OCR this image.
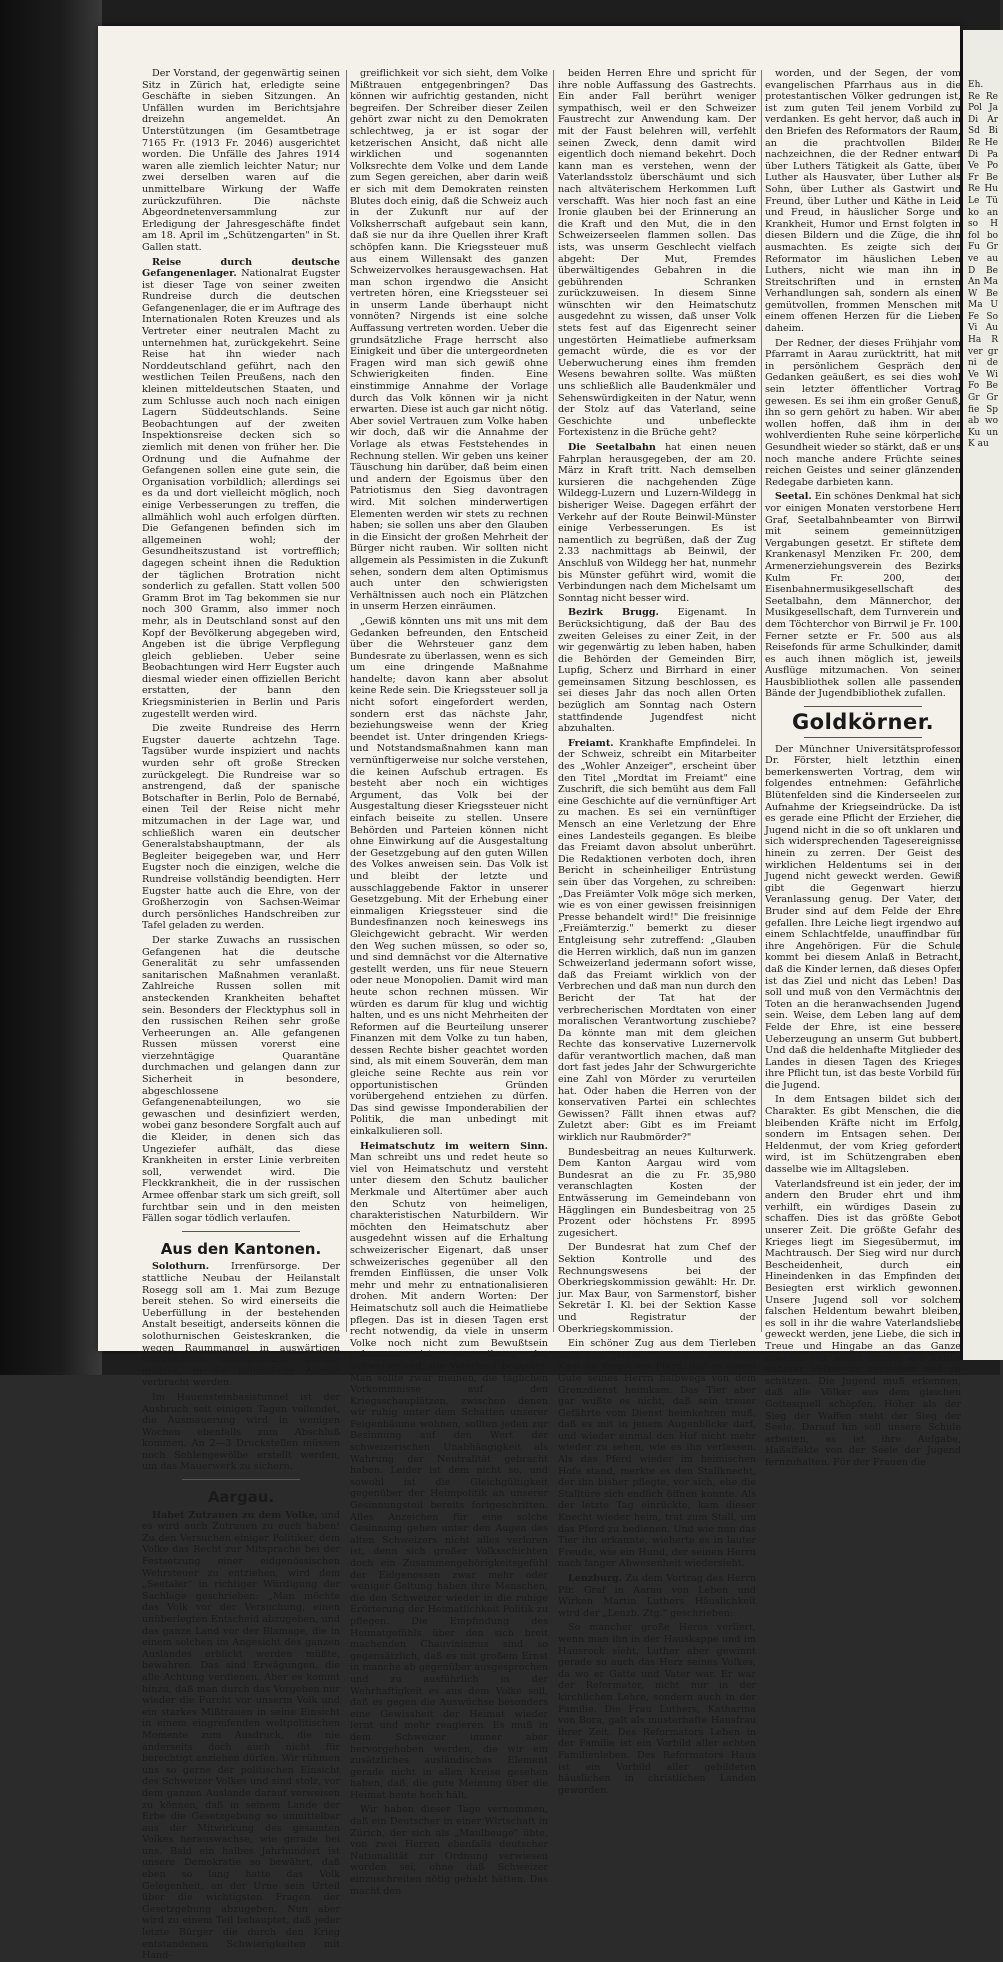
Der Vorstand, der gegenwärtig seinen Sitz in Zürich hat, erledigte seine Geschäfte in sieben Sitzungen. An Unfällen wurden im Berichtsjahre dreizehn angemeldet. An Unterstützungen (im Gesamtbetrage 7165 Fr. (1913 Fr. 2046) ausgerichtet worden. Die Unfälle des Jahres 1914 waren alle ziemlich leichter Natur; nur zwei derselben waren auf die unmittelbare Wirkung der Waffe zurückzuführen. Die nächste Abgeordnetenversammlung zur Erledigung der Jahresgeschäfte findet am 18. April im „Schützengarten" in St. Gallen statt.

Reise durch deutsche Gefangenenlager. Nationalrat Eugster ist dieser Tage von seiner zweiten Rundreise durch die deutschen Gefangenenlager, die er im Auftrage des Internationalen Roten Kreuzes und als Vertreter einer neutralen Macht zu unternehmen hat, zurückgekehrt. Seine Reise hat ihn wieder nach Norddeutschland geführt, nach den westlichen Teilen Preußens, nach den kleinen mitteldeutschen Staaten, und zum Schlusse auch noch nach einigen Lagern Süddeutschlands. Seine Beobachtungen auf der zweiten Inspektionsreise decken sich so ziemlich mit denen von früher her. Die Ordnung und die Aufnahme der Gefangenen sollen eine gute sein, die Organisation vorbildlich; allerdings sei es da und dort vielleicht möglich, noch einige Verbesserungen zu treffen, die allmählich wohl auch erfolgen dürften. Die Gefangenen befinden sich im allgemeinen wohl; der Gesundheitszustand ist vortrefflich; dagegen scheint ihnen die Reduktion der täglichen Brotration nicht sonderlich zu gefallen. Statt vollen 500 Gramm Brot im Tag bekommen sie nur noch 300 Gramm, also immer noch mehr, als in Deutschland sonst auf den Kopf der Bevölkerung abgegeben wird, Angeben ist die übrige Verpflegung gleich geblieben. Ueber seine Beobachtungen wird Herr Eugster auch diesmal wieder einen offiziellen Bericht erstatten, der bann den Kriegsministerien in Berlin und Paris zugestellt werden wird.

Die zweite Rundreise des Herrn Eugster dauerte achtzehn Tage. Tagsüber wurde inspiziert und nachts wurden sehr oft große Strecken zurückgelegt. Die Rundreise war so anstrengend, daß der spanische Botschafter in Berlin, Polo de Bernabé, einen Teil der Reise nicht mehr mitzumachen in der Lage war, und schließlich waren ein deutscher Generalstabshauptmann, der als Begleiter beigegeben war, und Herr Eugster noch die einzigen, welche die Rundreise vollständig beendigten. Herr Eugster hatte auch die Ehre, von der Großherzogin von Sachsen-Weimar durch persönliches Handschreiben zur Tafel geladen zu werden.

Der starke Zuwachs an russischen Gefangenen hat die deutsche Generalität zu sehr umfassenden sanitarischen Maßnahmen veranlaßt. Zahlreiche Russen sollen mit ansteckenden Krankheiten behaftet sein. Besonders der Flecktyphus soll in den russischen Reihen sehr große Verheerungen an. Alle gefangenen Russen müssen vorerst eine vierzehntägige Quarantäne durchmachen und gelangen dann zur Sicherheit in besondere, abgeschlossene Gefangenenabteilungen, wo sie gewaschen und desinfiziert werden, wobei ganz besondere Sorgfalt auch auf die Kleider, in denen sich das Ungeziefer aufhält, das diese Krankheiten in erster Linie verbreiten soll, verwendet wird. Die Fleckkrankheit, die in der russischen Armee offenbar stark um sich greift, soll furchtbar sein und in den meisten Fällen sogar tödlich verlaufen.

Aus den Kantonen.

Solothurn. Irrenfürsorge. Der stattliche Neubau der Heilanstalt Rosegg soll am 1. Mai zum Bezuge bereit stehen. So wird einerseits die Ueberfüllung in der bestehenden Anstalt beseitigt, anderseits können die solothurnischen Geisteskranken, die wegen Raummangel in auswärtigen Irrenhäusern untergebracht werden mußten, in die heimatliche Anstalt verbracht werden.

Im Hauensteinbasistunnel ist der Ausbruch seit einigen Tagen vollendet, die Ausmauerung wird in wenigen Wochen ebenfalls zum Abschluß kommen. An 2—3 Druckstellen müssen noch Sohlengewölbe erstellt werden, um das Mauerwerk zu sichern.

Aargau.

Habet Zutrauen zu dem Volke, und es wird auch Zutrauen zu euch haben! Zu den Versuchen einiger Politiker, dem Volke das Recht zur Mitsprache bei der Festsetzung einer eidgenössischen Wehrsteuer zu entziehen, wird dem „Seetaler" in richtiger Würdigung der Sachlage geschrieben: „Man möchte das Volk vor der Versuchung, einen unüberlegten Entscheid abzugeben, und das ganze Land vor der Blamage, die in einem solchen im Angesicht des ganzen Auslandes erblickt werden müßte, bewahren. Das sind Erwägungen, die alle Achtung verdienen. Aber es kommt hinzu, daß man durch das Vorgehen nur wieder die Furcht vor unserm Volk und ein starkes Mißtrauen in seine Einsicht in einem eingreifenden weltpolitischen Momente zum Ausdruck, die nie anderseits doch auch nicht für berechtigt anziehen dürfen. Wir rühmen uns so gerne der politischen Einsicht des Schweizer Volkes und sind stolz, vor dem ganzen Auslande darauf verweisen zu können, daß in seinem Lande der Erbe die Gesetzgebung so unmittelbar aus der Mitwirkung des gesamten Volkes herauswachse, wie gerade bei uns. Bald ein halbes Jahrhundert ist unsere Demokratie so bewährt, daß eben so lang hatte das Volk Gelegenheit, an der Urne sein Urteil über die wichtigsten Fragen der Gesetzgebung abzugeben. Nun aber wird zu einem Teil behauptet, daß jeder letzte Bürger die durch den Krieg entstandenen Schwierigkeiten mit Hand-

greiflichkeit vor sich sieht, dem Volke Mißtrauen entgegenbringen? Das können wir aufrichtig gestanden, nicht begreifen. Der Schreiber dieser Zeilen gehört zwar nicht zu den Demokraten schlechtweg, ja er ist sogar der ketzerischen Ansicht, daß nicht alle wirklichen und sogenannten Volksrechte dem Volke und dem Lande zum Segen gereichen, aber darin weiß er sich mit dem Demokraten reinsten Blutes doch einig, daß die Schweiz auch in der Zukunft nur auf der Volksherrschaft aufgebaut sein kann, daß sie nur da ihre Quellen ihrer Kraft schöpfen kann. Die Kriegssteuer muß aus einem Willensakt des ganzen Schweizervolkes herausgewachsen. Hat man schon irgendwo die Ansicht vertreten hören, eine Kriegssteuer sei in unserm Lande überhaupt nicht vonnöten? Nirgends ist eine solche Auffassung vertreten worden. Ueber die grundsätzliche Frage herrscht also Einigkeit und über die untergeordneten Fragen wird man sich gewiß ohne Schwierigkeiten finden. Eine einstimmige Annahme der Vorlage durch das Volk können wir ja nicht erwarten. Diese ist auch gar nicht nötig. Aber soviel Vertrauen zum Volke haben wir doch, daß wir die Annahme der Vorlage als etwas Feststehendes in Rechnung stellen. Wir geben uns keiner Täuschung hin darüber, daß beim einen und andern der Egoismus über den Patriotismus den Sieg davontragen wird. Mit solchen minderwertigen Elementen werden wir stets zu rechnen haben; sie sollen uns aber den Glauben in die Einsicht der großen Mehrheit der Bürger nicht rauben. Wir sollten nicht allgemein als Pessimisten in die Zukunft sehen, sondern dem alten Optimismus auch unter den schwierigsten Verhältnissen auch noch ein Plätzchen in unserm Herzen einräumen.

„Gewiß könnten uns mit uns mit dem Gedanken befreunden, den Entscheid über die Wehrsteuer ganz dem Bundesrate zu überlassen, wenn es sich um eine dringende Maßnahme handelte; davon kann aber absolut keine Rede sein. Die Kriegssteuer soll ja nicht sofort eingefordert werden, sondern erst das nächste Jahr, beziehungsweise wenn der Krieg beendet ist. Unter dringenden Kriegs- und Notstandsmaßnahmen kann man vernünftigerweise nur solche verstehen, die keinen Aufschub ertragen. Es besteht aber noch ein wichtiges Argument, das Volk bei der Ausgestaltung dieser Kriegssteuer nicht einfach beiseite zu stellen. Unsere Behörden und Parteien können nicht ohne Einwirkung auf die Ausgestaltung der Gesetzgebung auf den guten Willen des Volkes anweisen sein. Das Volk ist und bleibt der letzte und ausschlaggebende Faktor in unserer Gesetzgebung. Mit der Erhebung einer einmaligen Kriegssteuer sind die Bundesfinanzen noch keineswegs ins Gleichgewicht gebracht. Wir werden den Weg suchen müssen, so oder so, und sind demnächst vor die Alternative gestellt werden, uns für neue Steuern oder neue Monopolien. Damit wird man heute schon rechnen müssen. Wir würden es darum für klug und wichtig halten, und es uns nicht Mehrheiten der Reformen auf die Beurteilung unserer Finanzen mit dem Volke zu tun haben, dessen Rechte bisher geachtet worden sind, als mit einem Souverän, dem man gleiche seine Rechte aus rein vor opportunistischen Gründen vorübergehend entziehen zu dürfen. Das sind gewisse Imponderabilien der Politik, die man unbedingt mit einkalkulieren soll.

Heimatschutz im weitern Sinn. Man schreibt uns und redet heute so viel von Heimatschutz und versteht unter diesem den Schutz baulicher Merkmale und Altertümer aber auch den Schutz von heimeligen, charakteristischen Naturbildern. Wir möchten den Heimatschutz aber ausgedehnt wissen auf die Erhaltung schweizerischer Eigenart, daß unser schweizerisches gegenüber all den fremden Einflüssen, die unser Volk mehr und mehr zu entnationalisieren drohen. Mit andern Worten: Der Heimatschutz soll auch die Heimatliebe pflegen. Das ist in diesen Tagen erst recht notwendig, da viele in unserm Volke noch nicht zum Bewußtsein gekommen ist, was ihnen das Schweizerland, die Vaterland bedeutet. Man sollte zwar meinen, die täglichen Vorkommnisse auf den Kriegsschauplätzen, zwischen denen wir ruhig unter dem Schatten unserer Feigenbäume wohnen, sollten jeden zur Besinnung auf den Wert der schweizerischen Unabhängigkeit als Wahrung der Neutralität gebracht haben. Leider ist dem nicht so, und sowohl ist die Gleichgültigkeit gegenüber der Heimpolitik an unserer Gesinnungsteil bereits fortgeschritten. Alles Anzeichen für eine solche Gesinnung gehen unter den Augen des alten Schweizers nicht alles verloren ist, denn sich großer Volksschichten doch ein Zusammengehörigkeitsgefühl der Eidgenossen zwar mehr oder weniger Geltung haben ihre Menschen, die den Schweizer wieder in die ruhige Erörterung der Heimatlichkeit Politik zu pflegen. Die Empfindung des Heimatgefühls über den sich breit machenden Chauvinismus sind so gegensätzlich, daß es mit großem Ernst in manche ab gegenüber ausgesprochen und zu ausführlich in der Wehrhaftigkeit es aus dem Volke soll, daß es gegen die Auswüchse besonders eine Gewissheit der Heimat wieder lernt und mehr reagieren. Es muß in dem Schweizer immer aber hervorgehoben werden, die wir ein zusätzliches ausländisches Element gerade nicht in allen Kreise gesehen haben, daß, die gute Meinung über die Heimat heute hoch hält.

Wir haben dieser Tage vernommen, daß ein Deutscher in einer Wirtschaft in Zürich, der sich als „Maulbeuge" übte, von zwei Herren ebenfalls deutscher Nationalität zur Ordnung verwiesen worden sei, ohne daß Schweizer einzuschreiten nötig gehabt hätten. Das macht den

beiden Herren Ehre und spricht für ihre noble Auffassung des Gastrechts. Ein ander Fall berührt weniger sympathisch, weil er den Schweizer Faustrecht zur Anwendung kam. Der mit der Faust belehren will, verfehlt seinen Zweck, denn damit wird eigentlich doch niemand bekehrt. Doch kann man es verstehen, wenn der Vaterlandsstolz überschäumt und sich nach altväterischem Herkommen Luft verschafft. Was hier noch fast an eine Ironie glauben bei der Erinnerung an die Kraft und den Mut, die in den Schweizerseelen flammen sollen. Das ists, was unserm Geschlecht vielfach abgeht: Der Mut, Fremdes überwältigendes Gebahren in die gebührenden Schranken zurückzuweisen. In diesem Sinne wünschten wir den Heimatschutz ausgedehnt zu wissen, daß unser Volk stets fest auf das Eigenrecht seiner ungestörten Heimatliebe aufmerksam gemacht würde, die es vor der Ueberwucherung eines ihm fremden Wesens bewahren sollte. Was müßten uns schließlich alle Baudenkmäler und Sehenswürdigkeiten in der Natur, wenn der Stolz auf das Vaterland, seine Geschichte und unbefleckte Fortexistenz in die Brüche geht?

Die Seetalbahn hat einen neuen Fahrplan herausgegeben, der am 20. März in Kraft tritt. Nach demselben kursieren die nachgehenden Züge Wildegg-Luzern und Luzern-Wildegg in bisheriger Weise. Dagegen erfährt der Verkehr auf der Route Beinwil-Münster einige Verbesserungen. Es ist namentlich zu begrüßen, daß der Zug 2.33 nachmittags ab Beinwil, der Anschluß von Wildegg her hat, nunmehr bis Münster geführt wird, womit die Verbindungen nach dem Michelsamt um Sonntag nicht besser wird.

Bezirk Brugg. Eigenamt. In Berücksichtigung, daß der Bau des zweiten Geleises zu einer Zeit, in der wir gegenwärtig zu leben haben, haben die Behörden der Gemeinden Birr, Lupfig, Scherz und Birrhard in einer gemeinsamen Sitzung beschlossen, es sei dieses Jahr das noch allen Orten bezüglich am Sonntag nach Ostern stattfindende Jugendfest nicht abzuhalten.

Freiamt. Krankhafte Empfindelei. In der Schweiz, schreibt ein Mitarbeiter des „Wohler Anzeiger", erscheint über den Titel „Mordtat im Freiamt" eine Zuschrift, die sich bemüht aus dem Fall eine Geschichte auf die vernünftiger Art zu machen. Es sei ein vernünftiger Mensch an eine Verletzung der Ehre eines Landesteils gegangen. Es bleibe das Freiamt davon absolut unberührt. Die Redaktionen verboten doch, ihren Bericht in scheinheiliger Entrüstung sein über das Vorgehen, zu schreiben: „Das Freiämter Volk möge sich merken, wie es von einer gewissen freisinnigen Presse behandelt wird!" Die freisinnige „Freiämterzig." bemerkt zu dieser Entgleisung sehr zutreffend: „Glauben die Herren wirklich, daß nun im ganzen Schweizerland jedermann sofort wisse, daß das Freiamt wirklich von der Verbrechen und daß man nun durch den Bericht der Tat hat der verbrecherischen Mordtaten von einer moralischen Verantwortung zuschiebe? Da könnte man mit dem gleichen Rechte das konservative Luzernervolk dafür verantwortlich machen, daß man dort fast jedes Jahr der Schwurgerichte eine Zahl von Mörder zu verurteilen hat. Oder haben die Herren von der konservativen Partei ein schlechtes Gewissen? Fällt ihnen etwas auf? Zuletzt aber: Gibt es im Freiamt wirklich nur Raubmörder?"

Bundesbeitrag an neues Kulturwerk. Dem Kanton Aargau wird vom Bundesrat an die zu Fr. 35,980 veranschlagten Kosten der Entwässerung im Gemeindebann von Hägglingen ein Bundesbeitrag von 25 Prozent oder höchstens Fr. 8995 zugesichert.

Der Bundesrat hat zum Chef der Sektion Kontrolle und des Rechnungswesens bei der Oberkriegskommission gewählt: Hr. Dr. jur. Max Baur, von Sarmenstorf, bisher Sekretär I. Kl. bei der Sektion Kasse und Registratur der Oberkriegskommission.

Ein schöner Zug aus dem Tierleben wird dem „Wohler Anzeiger" berichtet: Kam da jüngst ein Pferd, daß in einem Gute seines Herrn halbwegs von dem Grenzdienst heimkam. Das Tier aber gar wußte es nicht, daß sein treuer Gefährte vom Dienst heimkehren muß, daß es mit in jenem Augenblicke darf, und wieder einmal den Hof nicht mehr wieder zu sehen, wie es ihn verlassen. Als das Pferd wieder im heimischen Hofe stand, merkte es den Stallknecht, der ihn bisher pflegte, vor sich, ehe die Stalltüre sich endlich öffnen konnte. Als der letzte Tag einrückte, kam dieser Knecht wieder heim, trat zum Stall, um das Pferd zu bedienen. Und wie nun das Tier ihn erkannte, wieherte es in lauter Freude, wie ein Hund, der seinen Herrn nach langer Abwesenheit wiedersieht.

Lenzburg. Zu dem Vortrag des Herrn Pfr. Graf in Aarau von Leben und Wirken Martin Luthers Häuslichkeit wird der „Lenzb. Ztg." geschrieben:

So mancher große Heros verliert, wenn man ihn in der Hauskappe und im Hausrock sieht, Luther aber gewinnt gerade so auch das Herz seines Volkes, da wo er Gatte und Vater war. Er war der Reformator, nicht nur in der kirchlichen Lehre, sondern auch in der Familie. Die Frau Luthers, Katharina von Bora, galt als musterhafte Hausfrau ihrer Zeit. Des Reformators Leben in der Familie ist ein Vorbild aller echten Familienleben. Des Reformators Haus ist ein Vorbild aller gebildeten häuslichen in christlichen Landen geworden.

worden, und der Segen, der vom evangelischen Pfarrhaus aus in die protestantischen Völker gedrungen ist, ist zum guten Teil jenem Vorbild zu verdanken. Es geht hervor, daß auch in den Briefen des Reformators der Raum, an die prachtvollen Bilder nachzeichnen, die der Redner entwarf über Luthers Tätigkeit als Gatte, über Luther als Hausvater, über Luther als Sohn, über Luther als Gastwirt und Freund, über Luther und Käthe in Leid und Freud, in häuslicher Sorge und Krankheit, Humor und Ernst folgten in diesen Bildern und die Züge, die ihn ausmachten. Es zeigte sich der Reformator im häuslichen Leben Luthers, nicht wie man ihn in Streitschriften und in ernsten Verhandlungen sah, sondern als einen gemütvollen, frommen Menschen mit einem offenen Herzen für die Lieben daheim.

Der Redner, der dieses Frühjahr vom Pfarramt in Aarau zurücktritt, hat mit in persönlichem Gespräch den Gedanken geäußert, es sei dies wohl sein letzter öffentlicher Vortrag gewesen. Es sei ihm ein großer Genuß, ihn so gern gehört zu haben. Wir aber wollen hoffen, daß ihm in der wohlverdienten Ruhe seine körperliche Gesundheit wieder so stärkt, daß er uns noch manche andere Früchte seines reichen Geistes und seiner glänzenden Redegabe darbieten kann.

Seetal. Ein schönes Denkmal hat sich vor einigen Monaten verstorbene Herr Graf, Seetalbahnbeamter von Birrwil mit seinem gemeinnützigen Vergabungen gesetzt. Er stiftete dem Krankenasyl Menziken Fr. 200, dem Armenerziehungsverein des Bezirks Kulm Fr. 200, der Eisenbahnermusikgesellschaft des Seetalbahn, dem Männerchor, der Musikgesellschaft, dem Turnverein und dem Töchterchor von Birrwil je Fr. 100. Ferner setzte er Fr. 500 aus als Reisefonds für arme Schulkinder, damit es auch ihnen möglich ist, jeweils Ausflüge mitzumachen. Von seiner Hausbibliothek sollen alle passenden Bände der Jugendbibliothek zufallen.

Goldkörner.

Der Münchner Universitätsprofessor Dr. Förster, hielt letzthin einen bemerkenswerten Vortrag, dem wir folgendes entnehmen: Gefährliche Blütenfelden sind die Kinderseelen zur Aufnahme der Kriegseindrücke. Da ist es gerade eine Pflicht der Erzieher, die Jugend nicht in die so oft unklaren und sich widersprechenden Tagesereignisse hinein zu zerren. Der Geist des wirklichen Heldentums sei in der Jugend nicht geweckt werden. Gewiß gibt die Gegenwart hierzu Veranlassung genug. Der Vater, der Bruder sind auf dem Felde der Ehre gefallen. Ihre Leiche liegt irgendwo auf einem Schlachtfelde, unauffindbar für ihre Angehörigen. Für die Schule kommt bei diesem Anlaß in Betracht, daß die Kinder lernen, daß dieses Opfer ist das Ziel und nicht das Leben! Das soll und muß von den Vermächtnis der Toten an die heranwachsenden Jugend sein. Weise, dem Leben lang auf dem Felde der Ehre, ist eine bessere Ueberzeugung an unserm Gut bubbert. Und daß die heldenhafte Mitglieder des Landes in diesen Tagen des Krieges ihre Pflicht tun, ist das beste Vorbild für die Jugend.

In dem Entsagen bildet sich der Charakter. Es gibt Menschen, die die bleibenden Kräfte nicht im Erfolg, sondern im Entsagen sehen. Der Heldenmut, der vom Krieg gefordert wird, ist im Schützengraben eben dasselbe wie im Alltagsleben.

Vaterlandsfreund ist ein jeder, der im andern den Bruder ehrt und ihm verhilft, ein würdiges Dasein zu schaffen. Dies ist das größte Gebot unserer Zeit. Die größte Gefahr des Krieges liegt im Siegesübermut, im Machtrausch. Der Sieg wird nur durch Bescheidenheit, durch ein Hineindenken in das Empfinden der Besiegten erst wirklich gewonnen. Unsere Jugend soll vor solchem falschen Heldentum bewahrt bleiben, es soll in ihr die wahre Vaterlandsliebe geweckt werden, jene Liebe, die sich in Treue und Hingabe an das Ganze erweist. Wir sollen lernen, die Kultur anderer Völker zu verstehen und zu schätzen. Die Jugend muß erkennen, daß alle Völker aus dem gleichen Gottesquell schöpfen. Höher als der Sieg der Waffen steht der Sieg der Seele. Darauf hin soll unsere Schule arbeiten, es ist ihre Aufgabe, Haßaffekte von der Seele der Jugend fernzuhalten. Für der Frauen die

Eh. Re Re Pol Ja Di Ar Sd Bi Re He Di Pa Ve Po Fr Be Re Hu Le Tü ko an so H fol bo Fu Gr ve au D Be An Ma W Be Ma U Fe So Vi Au Ha R ver gr ni de Ve Wi Fo Be Gr Gr fie Sp ab wo Ku un K au
